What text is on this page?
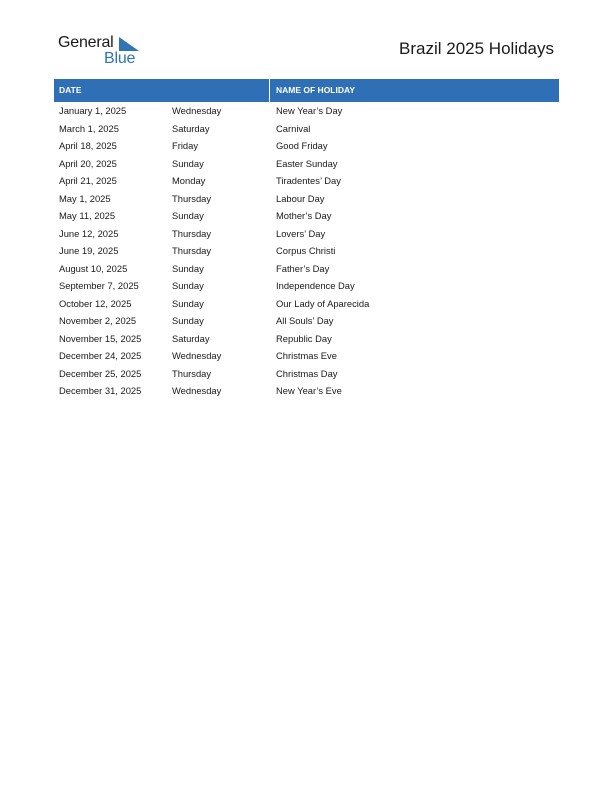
General
Blue
Brazil 2025 Holidays
DATE	NAME OF HOLIDAY
January 1, 2025	Wednesday	New Year’s Day
March 1, 2025	Saturday	Carnival
April 18, 2025	Friday	Good Friday
April 20, 2025	Sunday	Easter Sunday
April 21, 2025	Monday	Tiradentes’ Day
May 1, 2025	Thursday	Labour Day
May 11, 2025	Sunday	Mother’s Day
June 12, 2025	Thursday	Lovers’ Day
June 19, 2025	Thursday	Corpus Christi
August 10, 2025	Sunday	Father’s Day
September 7, 2025	Sunday	Independence Day
October 12, 2025	Sunday	Our Lady of Aparecida
November 2, 2025	Sunday	All Souls’ Day
November 15, 2025	Saturday	Republic Day
December 24, 2025	Wednesday	Christmas Eve
December 25, 2025	Thursday	Christmas Day
December 31, 2025	Wednesday	New Year’s Eve
